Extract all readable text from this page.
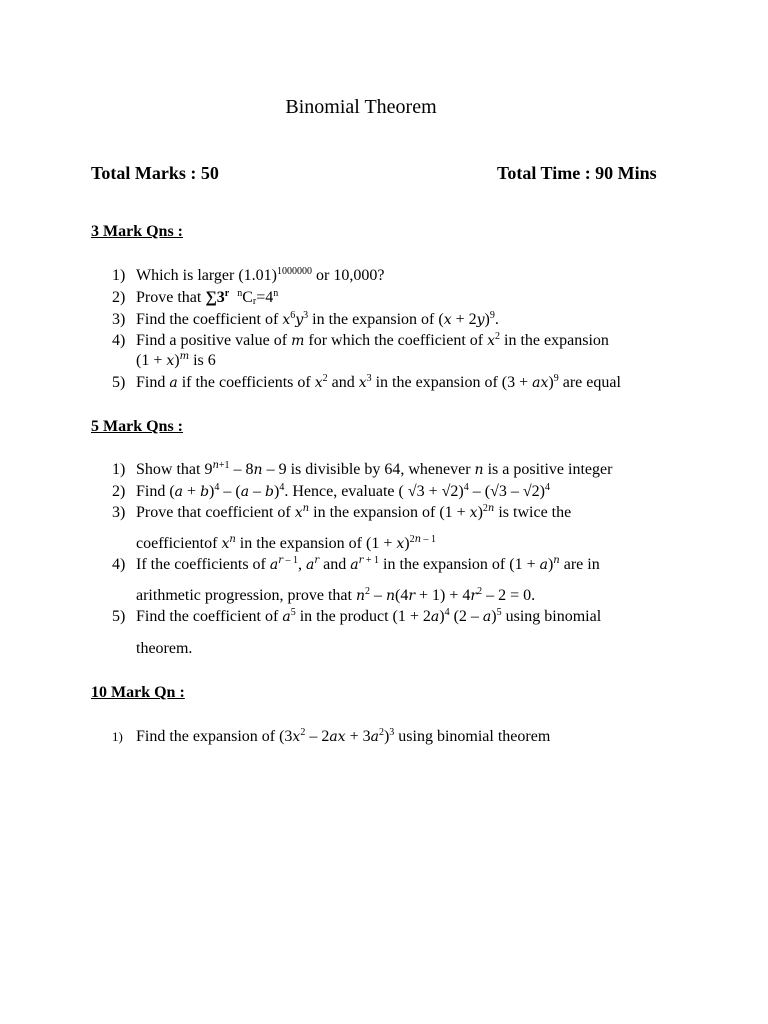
Binomial Theorem
Total Marks : 50	Total Time : 90 Mins
3 Mark Qns :
1) Which is larger $(1.01)^{1000000}$ or 10,000?
2) Prove that ∑3$^r$ $^nC_r=4^n$
3) Find the coefficient of $x^6y^3$ in the expansion of $(x + 2y)^9$.
4) Find a positive value of m for which the coefficient of $x^2$ in the expansion
$(1 + x)^m$ is 6
5) Find a if the coefficients of $x^2$ and $x^3$ in the expansion of (3 + ax)$^9$ are equal
5 Mark Qns :
1) Show that $9^{n+1} - 8n - 9$ is divisible by 64, whenever n is a positive integer
2) Find $(a + b)^4 - (a - b)^4$. Hence, evaluate ( √3 + √2)$^4$ – (√3 – √2)$^4$
3) Prove that coefficient of $x^n$ in the expansion of $(1 + x)^{2n}$ is twice the
coefficientof $x^n$ in the expansion of $(1 + x)^{2n - 1}$
4) If the coefficients of $a^{r - 1}$, $a^r$ and $a^{r + 1}$ in the expansion of $(1 + a)^n$ are in
arithmetic progression, prove that $n^2 - n(4r + 1) + 4r^2 - 2 = 0$.
5) Find the coefficient of $a^5$ in the product $(1 + 2a)^4$ (2 – a)$^5$ using binomial
theorem.
10 Mark Qn :
1) Find the expansion of $(3x^2 - 2ax + 3a^2)^3$ using binomial theorem
